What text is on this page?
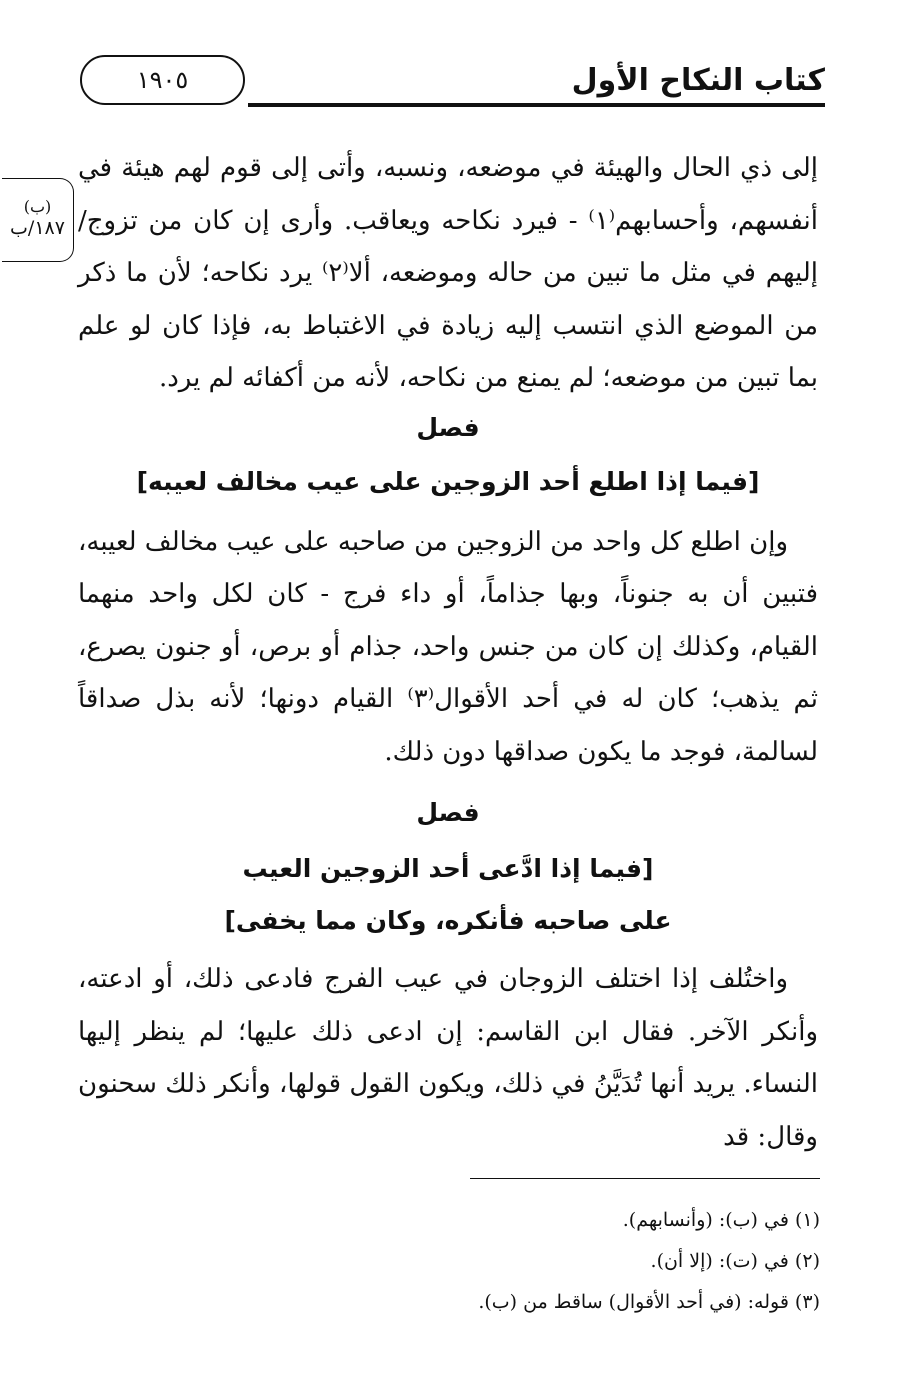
١٩٠٥	كتاب النكاح الأول
(ب)
١٨٧/ب

إلى ذي الحال والهيئة في موضعه، ونسبه، وأتى إلى قوم لهم هيئة في أنفسهم، وأحسابهم⁽١⁾ - فيرد نكاحه ويعاقب. وأرى إن كان من تزوج/ إليهم في مثل ما تبين من حاله وموضعه، ألا⁽٢⁾ يرد نكاحه؛ لأن ما ذكر من الموضع الذي انتسب إليه زيادة في الاغتباط به، فإذا كان لو علم بما تبين من موضعه؛ لم يمنع من نكاحه، لأنه من أكفائه لم يرد.

فصل

[فيما إذا اطلع أحد الزوجين على عيب مخالف لعيبه]

وإن اطلع كل واحد من الزوجين من صاحبه على عيب مخالف لعيبه، فتبين أن به جنوناً، وبها جذاماً، أو داء فرج - كان لكل واحد منهما القيام، وكذلك إن كان من جنس واحد، جذام أو برص، أو جنون يصرع، ثم يذهب؛ كان له في أحد الأقوال⁽٣⁾ القيام دونها؛ لأنه بذل صداقاً لسالمة، فوجد ما يكون صداقها دون ذلك.

فصل

[فيما إذا ادَّعى أحد الزوجين العيب

على صاحبه فأنكره، وكان مما يخفى]

واختُلف إذا اختلف الزوجان في عيب الفرج فادعى ذلك، أو ادعته، وأنكر الآخر. فقال ابن القاسم: إن ادعى ذلك عليها؛ لم ينظر إليها النساء. يريد أنها تُدَيَّنُ في ذلك، ويكون القول قولها، وأنكر ذلك سحنون وقال: قد

(١) في (ب): (وأنسابهم).

(٢) في (ت): (إلا أن).

(٣) قوله: (في أحد الأقوال) ساقط من (ب).
